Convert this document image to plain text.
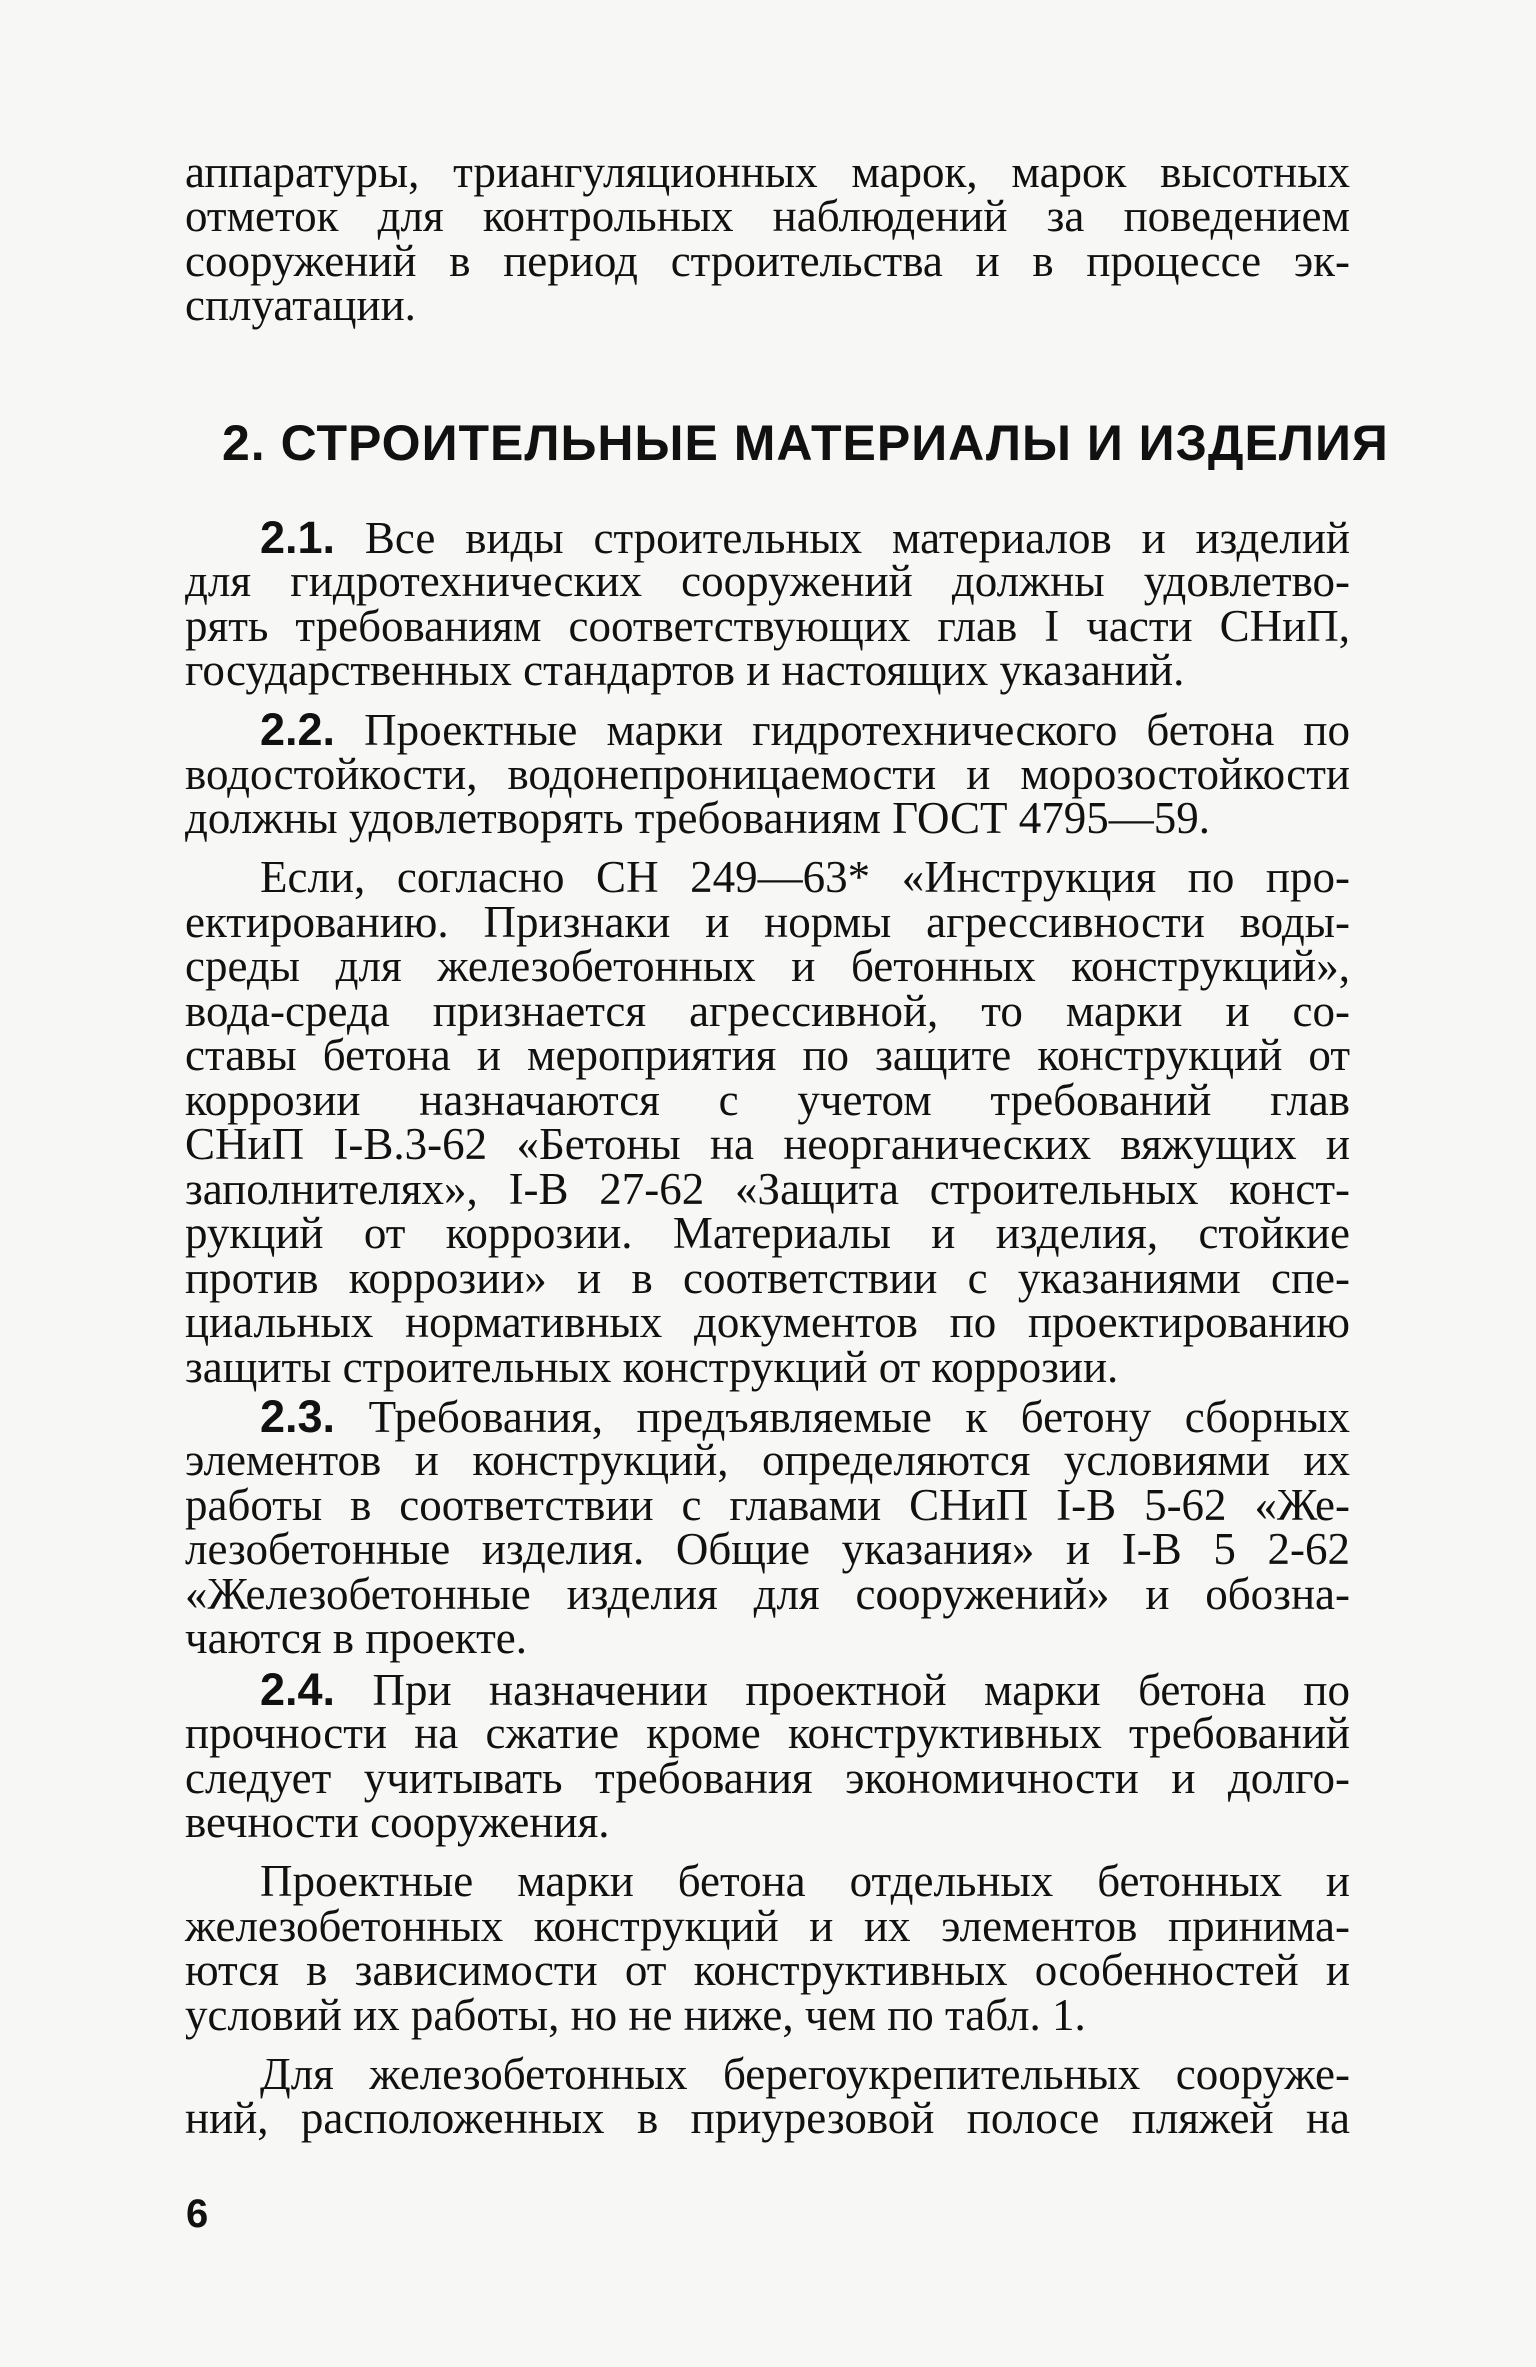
аппаратуры, триангуляционных марок, марок высотных
отметок для контрольных наблюдений за поведением
сооружений в период строительства и в процессе эк-
сплуатации.
2. СТРОИТЕЛЬНЫЕ МАТЕРИАЛЫ И ИЗДЕЛИЯ
2.1. Все виды строительных материалов и изделий
для гидротехнических сооружений должны удовлетво-
рять требованиям соответствующих глав I части СНиП,
государственных стандартов и настоящих указаний.
2.2. Проектные марки гидротехнического бетона по
водостойкости, водонепроницаемости и морозостойкости
должны удовлетворять требованиям ГОСТ 4795—59.
Если, согласно СН 249—63* «Инструкция по про-
ектированию. Признаки и нормы агрессивности воды-
среды для железобетонных и бетонных конструкций»,
вода-среда признается агрессивной, то марки и со-
ставы бетона и мероприятия по защите конструкций от
коррозии назначаются с учетом требований глав
СНиП I-В.3-62 «Бетоны на неорганических вяжущих и
заполнителях», I-В 27-62 «Защита строительных конст-
рукций от коррозии. Материалы и изделия, стойкие
против коррозии» и в соответствии с указаниями спе-
циальных нормативных документов по проектированию
защиты строительных конструкций от коррозии.
2.3. Требования, предъявляемые к бетону сборных
элементов и конструкций, определяются условиями их
работы в соответствии с главами СНиП I-В 5-62 «Же-
лезобетонные изделия. Общие указания» и I-В 5 2-62
«Железобетонные изделия для сооружений» и обозна-
чаются в проекте.
2.4. При назначении проектной марки бетона по
прочности на сжатие кроме конструктивных требований
следует учитывать требования экономичности и долго-
вечности сооружения.
Проектные марки бетона отдельных бетонных и
железобетонных конструкций и их элементов принима-
ются в зависимости от конструктивных особенностей и
условий их работы, но не ниже, чем по табл. 1.
Для железобетонных берегоукрепительных сооруже-
ний, расположенных в приурезовой полосе пляжей на
6
